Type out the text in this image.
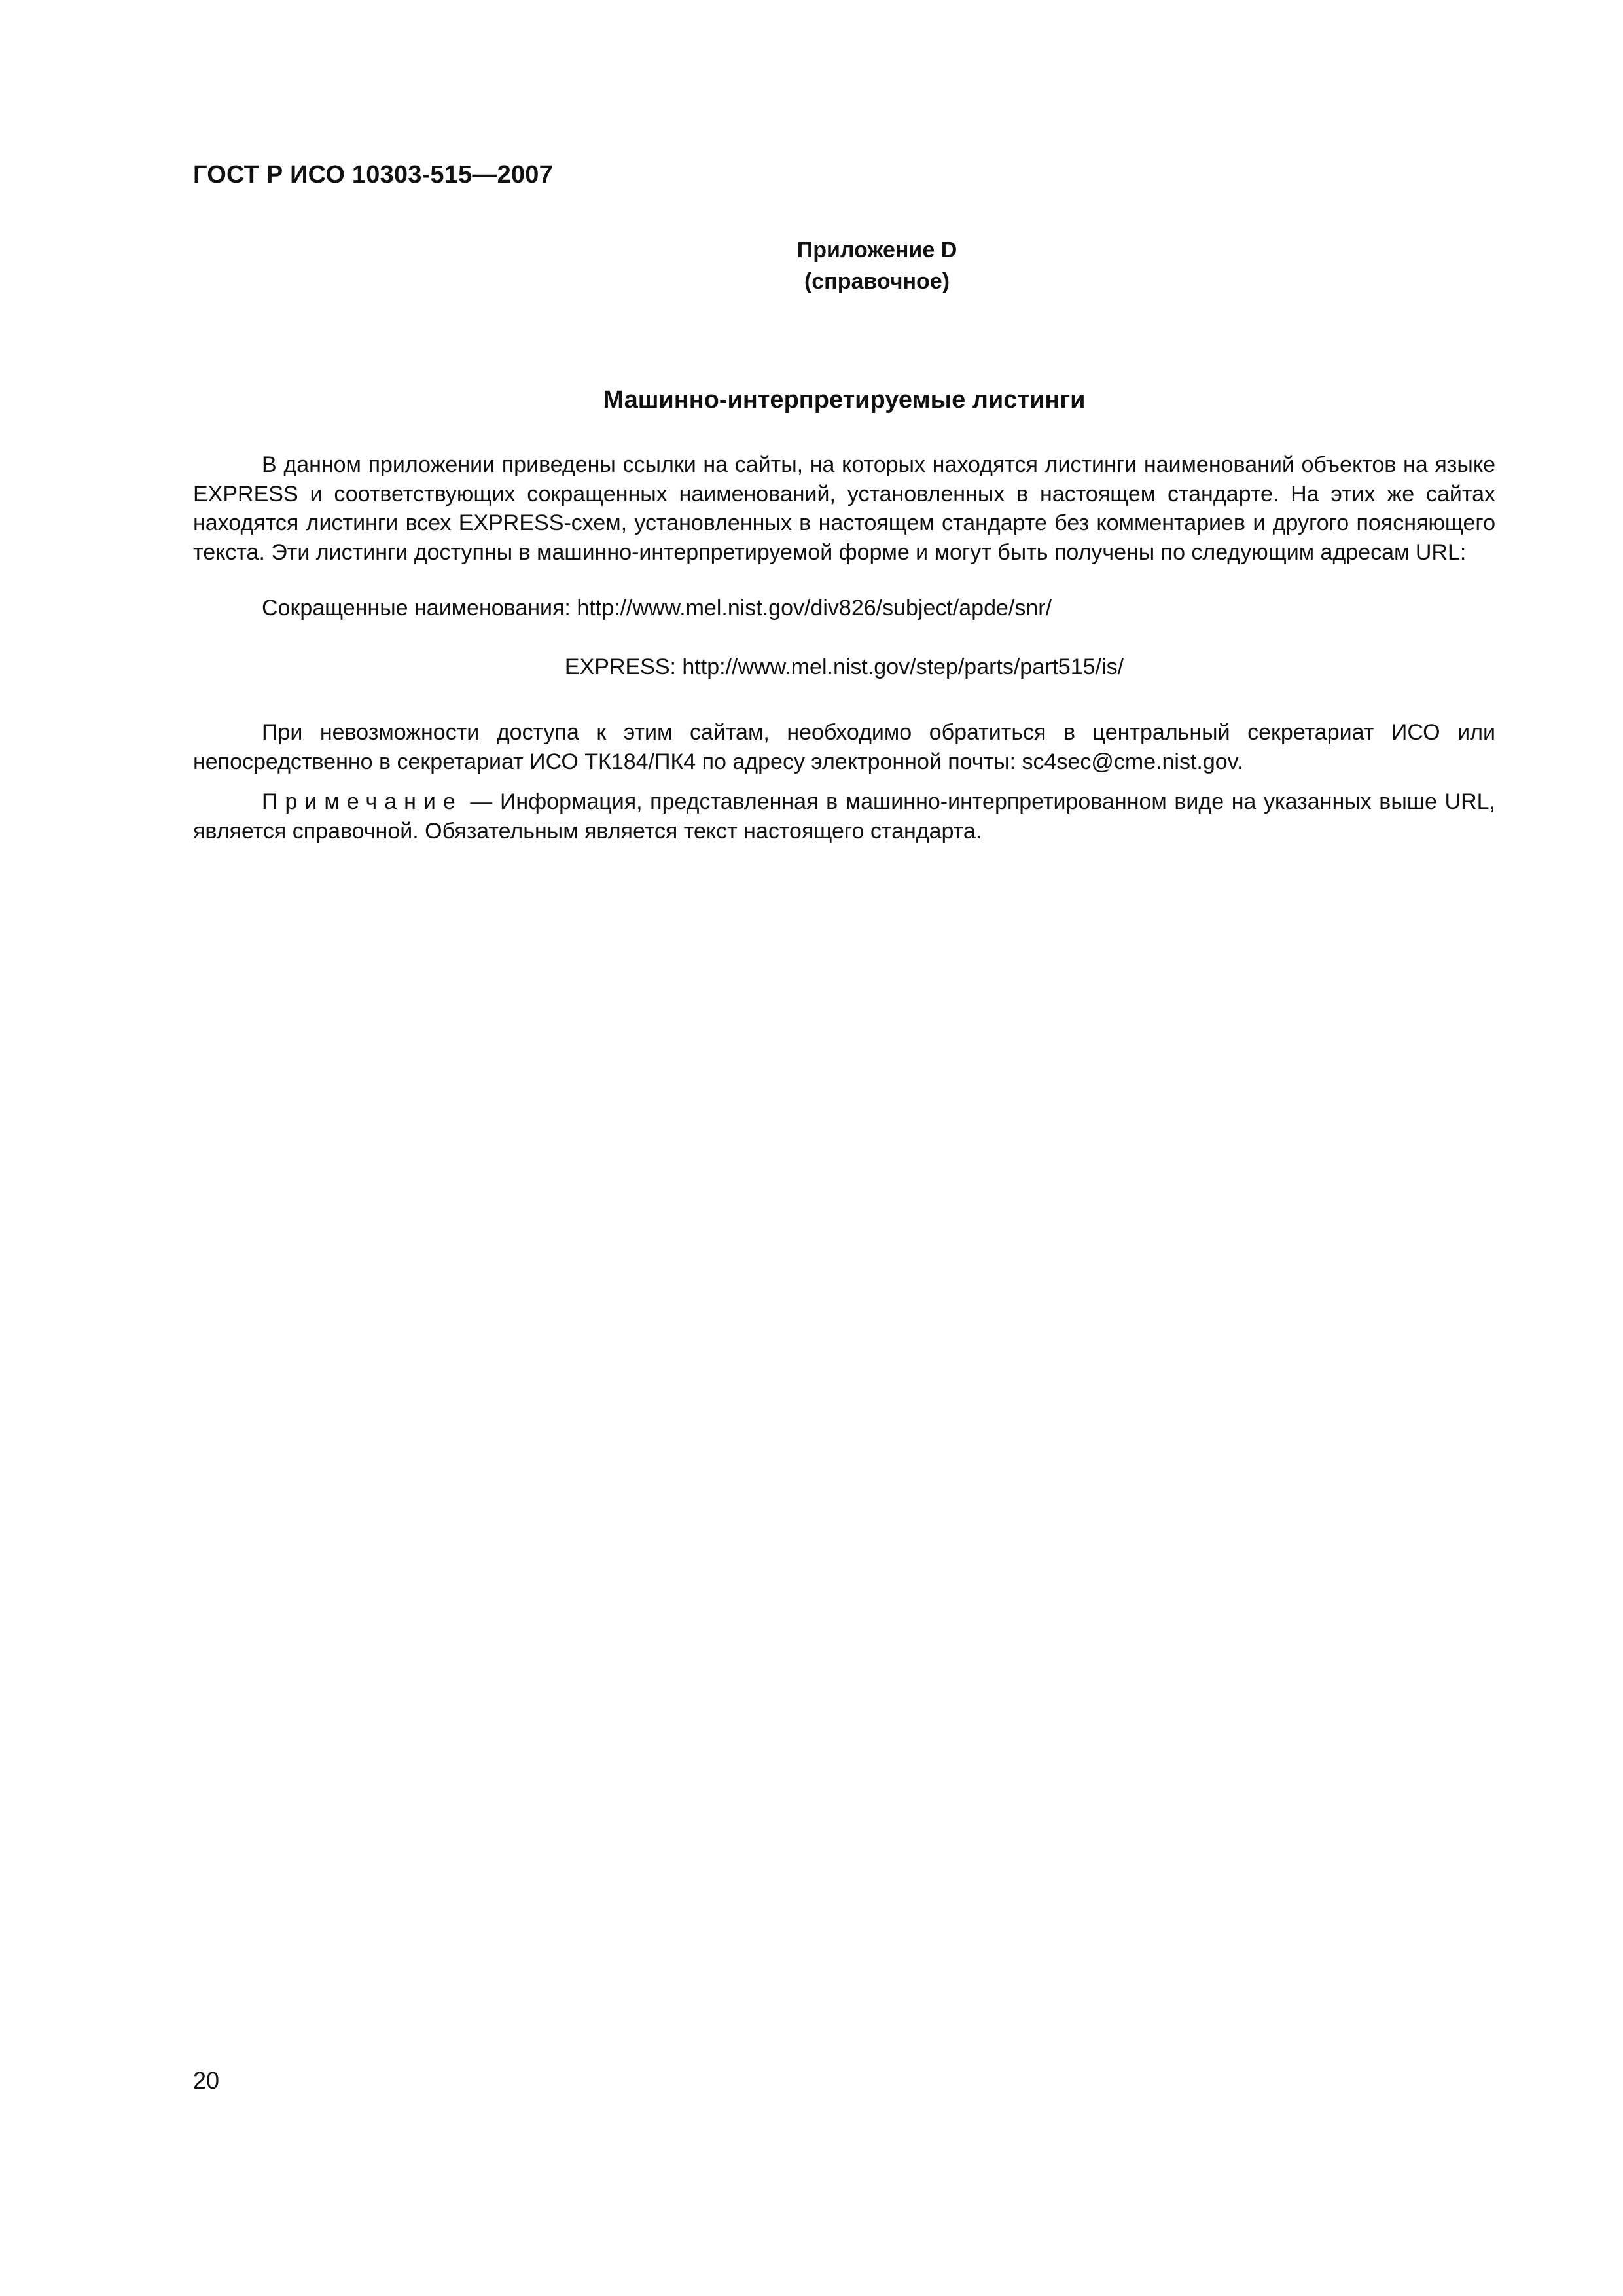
ГОСТ Р ИСО 10303-515—2007
Приложение D
(справочное)
Машинно-интерпретируемые листинги

В данном приложении приведены ссылки на сайты, на которых находятся листинги наименований объектов на языке EXPRESS и соответствующих сокращенных наименований, установленных в настоящем стандарте. На этих же сайтах находятся листинги всех EXPRESS-схем, установленных в настоящем стандарте без комментариев и другого поясняющего текста. Эти листинги доступны в машинно-интерпретируемой форме и могут быть получены по следующим адресам URL:

Сокращенные наименования: http://www.mel.nist.gov/div826/subject/apde/snr/
EXPRESS: http://www.mel.nist.gov/step/parts/part515/is/

При невозможности доступа к этим сайтам, необходимо обратиться в центральный секретариат ИСО или непосредственно в секретариат ИСО ТК184/ПК4 по адресу электронной почты: sc4sec@cme.nist.gov.

Примечание — Информация, представленная в машинно-интерпретированном виде на указанных выше URL, является справочной. Обязательным является текст настоящего стандарта.

20
